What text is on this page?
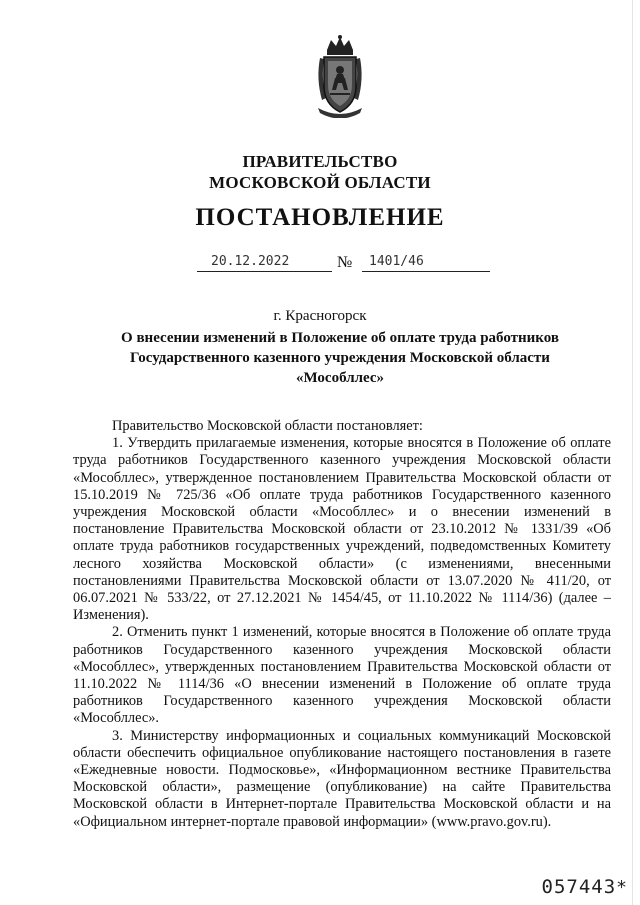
ПРАВИТЕЛЬСТВО
МОСКОВСКОЙ ОБЛАСТИ
ПОСТАНОВЛЕНИЕ
20.12.2022	№ 1401/46
г. Красногорск
О внесении изменений в Положение об оплате труда работников Государственного казенного учреждения Московской области «Мособллес»

Правительство Московской области постановляет:

1. Утвердить прилагаемые изменения, которые вносятся в Положение об оплате труда работников Государственного казенного учреждения Московской области «Мособллес», утвержденное постановлением Правительства Московской области от 15.10.2019 № 725/36 «Об оплате труда работников Государственного казенного учреждения Московской области «Мособллес» и о внесении изменений в постановление Правительства Московской области от 23.10.2012 № 1331/39 «Об оплате труда работников государственных учреждений, подведомственных Комитету лесного хозяйства Московской области» (с изменениями, внесенными постановлениями Правительства Московской области от 13.07.2020 № 411/20, от 06.07.2021 № 533/22, от 27.12.2021 № 1454/45, от 11.10.2022 № 1114/36) (далее – Изменения).

2. Отменить пункт 1 изменений, которые вносятся в Положение об оплате труда работников Государственного казенного учреждения Московской области «Мособллес», утвержденных постановлением Правительства Московской области от 11.10.2022 № 1114/36 «О внесении изменений в Положение об оплате труда работников Государственного казенного учреждения Московской области «Мособллес».

3. Министерству информационных и социальных коммуникаций Московской области обеспечить официальное опубликование настоящего постановления в газете «Ежедневные новости. Подмосковье», «Информационном вестнике Правительства Московской области», размещение (опубликование) на сайте Правительства Московской области в Интернет-портале Правительства Московской области и на «Официальном интернет-портале правовой информации» (www.pravo.gov.ru).

057443*
